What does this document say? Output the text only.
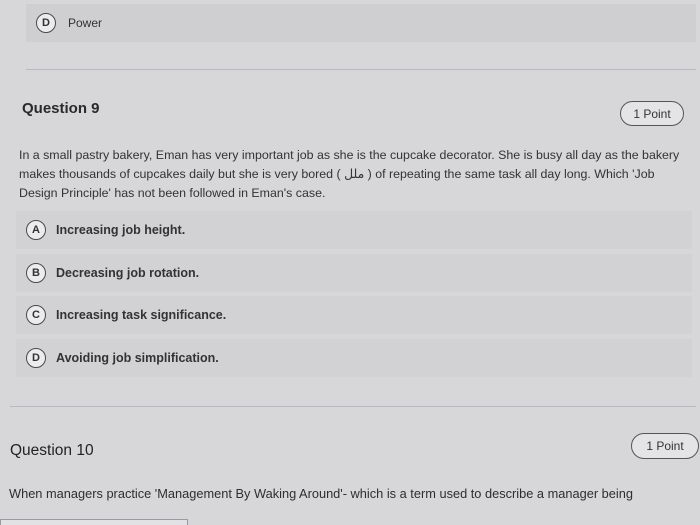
D	Power
Question 9	1 Point
In a small pastry bakery, Eman has very important job as she is the cupcake decorator. She is busy all day as the bakery makes thousands of cupcakes daily but she is very bored ( ملل ) of repeating the same task all day long. Which 'Job Design Principle' has not been followed in Eman's case.
A	Increasing job height.
B	Decreasing job rotation.
C	Increasing task significance.
D	Avoiding job simplification.
Question 10	1 Point
When managers practice 'Management By Waking Around'- which is a term used to describe a manager being
